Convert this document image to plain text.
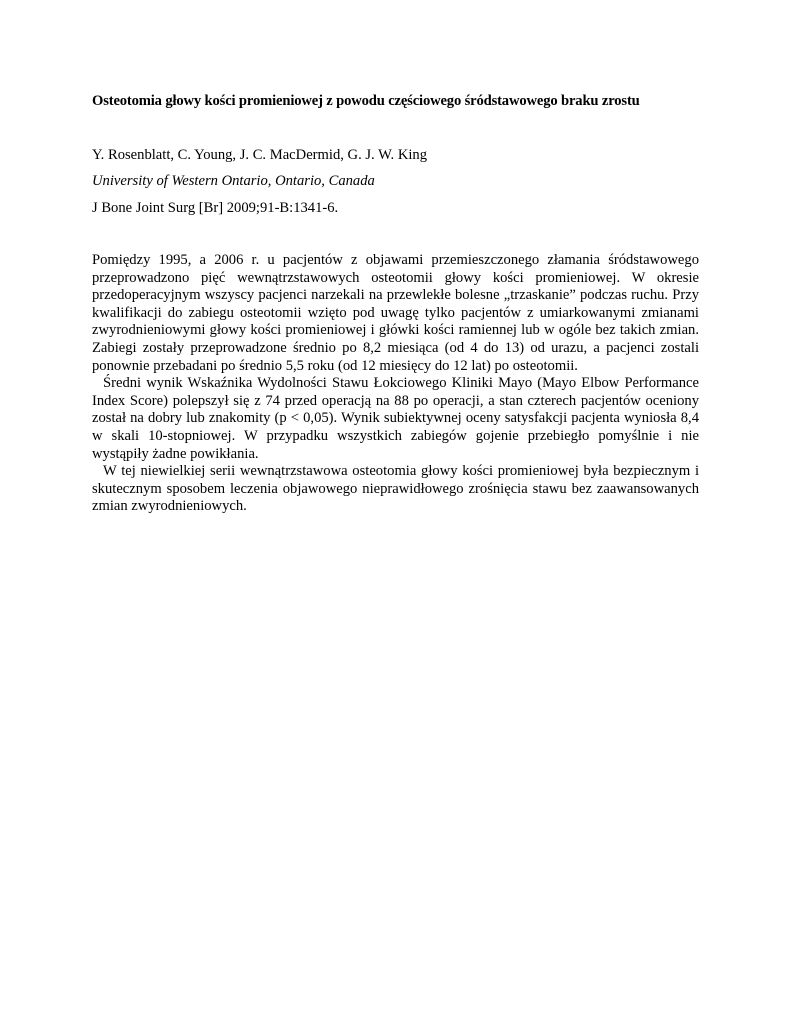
Osteotomia głowy kości promieniowej z powodu częściowego śródstawowego braku zrostu

Y. Rosenblatt, C. Young, J. C. MacDermid, G. J. W. King

University of Western Ontario, Ontario, Canada

J Bone Joint Surg [Br] 2009;91-B:1341-6.

Pomiędzy 1995, a 2006 r. u pacjentów z objawami przemieszczonego złamania śródstawowego przeprowadzono pięć wewnątrzstawowych osteotomii głowy kości promieniowej. W okresie przedoperacyjnym wszyscy pacjenci narzekali na przewlekłe bolesne „trzaskanie” podczas ruchu. Przy kwalifikacji do zabiegu osteotomii wzięto pod uwagę tylko pacjentów z umiarkowanymi zmianami zwyrodnieniowymi głowy kości promieniowej i główki kości ramiennej lub w ogóle bez takich zmian. Zabiegi zostały przeprowadzone średnio po 8,2 miesiąca (od 4 do 13) od urazu, a pacjenci zostali ponownie przebadani po średnio 5,5 roku (od 12 miesięcy do 12 lat) po osteotomii.

Średni wynik Wskaźnika Wydolności Stawu Łokciowego Kliniki Mayo (Mayo Elbow Performance Index Score) polepszył się z 74 przed operacją na 88 po operacji, a stan czterech pacjentów oceniony został na dobry lub znakomity (p < 0,05). Wynik subiektywnej oceny satysfakcji pacjenta wyniosła 8,4 w skali 10-stopniowej. W przypadku wszystkich zabiegów gojenie przebiegło pomyślnie i nie wystąpiły żadne powikłania.

W tej niewielkiej serii wewnątrzstawowa osteotomia głowy kości promieniowej była bezpiecznym i skutecznym sposobem leczenia objawowego nieprawidłowego zrośnięcia stawu bez zaawansowanych zmian zwyrodnieniowych.
